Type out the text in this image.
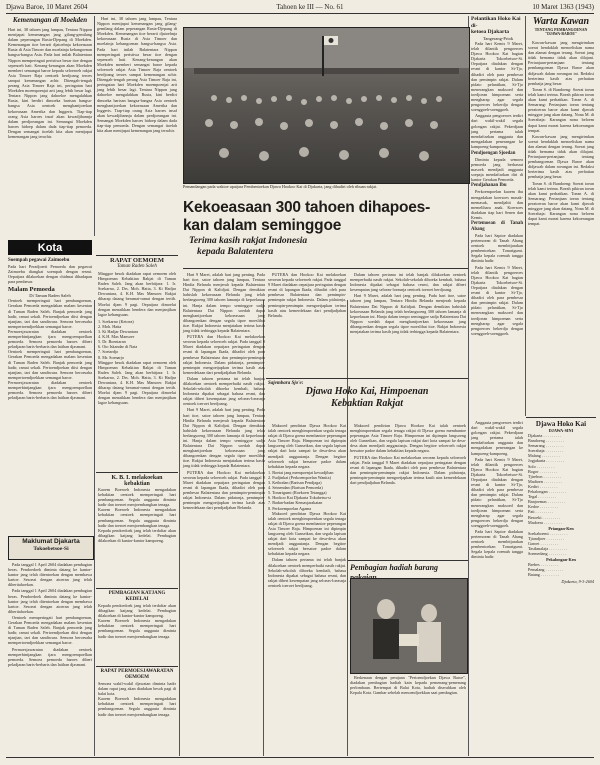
Djawa Baroe, 10 Maret 2604	Tahoen ke III — No. 61	10 Maret 1363 (1943)
Kemenangan di Moekden
Hari ini, 38 tahoen jang lampau, Tentara Nippon mentjapai kemenangan jang gilang-gemilang dalam peperangan Rusia-Djepang di Moekden. Kemenangan itoe berarti djatoehnja kekoeasaan Rusia di Asia Timoer dan moelainja kebangoenan bangsa-bangsa Asia. Pada hari inilah Balatentara Nippon memperingati peristiwa besar itoe dengan sepenoeh hati. Kenang-kenangan akan Moekden memberi semangat baroe kepada seloeroeh rakjat Asia Timoer Raja oentoek berdjoang teroes sampai kemenangan achir. Ditengah-tengah perang Asia Timoer Raja ini, peringatan hari Moekden moempoenjai arti jang lebih besar lagi. Tentara Nippon jang dahoeloe mengalahkan Rusia, kini berdiri dimoeka barisan bangsa-bangsa Asia oentoek menghantjoerkan kekoeasaan Amerika dan Inggeris. Tiap-tiap orang Asia haroes insaf akan kewadjibannja dalam perdjoeangan ini. Semangat Moekden haroes hidoep dalam dada tiap-tiap pemoeda. Dengan semangat itoelah kita akan mentjapai kemenangan jang terachir.

Hari ini, 38 tahoen jang lampau, Tentara Nippon mentjapai kemenangan jang gilang-gemilang dalam peperangan Rusia-Djepang di Moekden. Kemenangan itoe berarti djatoehnja kekoeasaan Rusia di Asia Timoer dan moelainja kebangoenan bangsa-bangsa Asia. Pada hari inilah Balatentara Nippon memperingati peristiwa besar itoe dengan sepenoeh hati. Kenang-kenangan akan Moekden memberi semangat baroe kepada seloeroeh rakjat Asia Timoer Raja oentoek berdjoang teroes sampai kemenangan achir. Ditengah-tengah perang Asia Timoer Raja ini, peringatan hari Moekden moempoenjai arti jang lebih besar lagi. Tentara Nippon jang dahoeloe mengalahkan Rusia, kini berdiri dimoeka barisan bangsa-bangsa Asia oentoek menghantjoerkan kekoeasaan Amerika dan Inggeris. Tiap-tiap orang Asia haroes insaf akan kewadjibannja dalam perdjoeangan ini. Semangat Moekden haroes hidoep dalam dada tiap-tiap pemoeda. Dengan semangat itoelah kita akan mentjapai kemenangan jang terachir.

Pemandangan pada waktoe upatjara Pembentoekan Djawa Hookoo Kai di Djakarta, jang dihadiri oleh ribuan rakjat.
Kekoeasaan 300 tahoen dihapoes-
kan dalam seminggoe
Terima kasih rakjat Indonesia
kepada Balatentera

Hari 9 Maret, adalah hari jang penting. Pada hari itoe, satoe tahoen jang lampau, Tentara Hindia Belanda menjerah kepada Balatentara Dai Nippon di Kalidjati. Dengan demikian habislah kekoeasaan Belanda jang telah berlangsoeng 300 tahoen lamanja di kepoelauan ini. Hanja dalam tempo seminggoe sadja Balatentara Dai Nippon soedah dapat menghantjoerkan kekoeasaan jang dibangoenkan dengan segala tipoe moeslihat itoe. Rakjat Indonesia menjatakan terima kasih jang tidak terhingga kepada Balatentara.

PUTERA dan Hookoo Kai melakoekan seroean kepada seloeroeh rakjat. Pada tanggal 9 Maret diadakan oepatjara peringatan dengan resmi di lapangan Ikada, dihadiri oleh para pembesar Balatentara dan pemimpin-pemimpin rakjat Indonesia. Dalam pidatonja, pemimpin-pemimpin mengoetjapkan terima kasih atas kemerdekaan dari pendjadjahan Belanda.

Dalam tahoen pertama ini telah banjak dilakoekan oentoek memperbaiki nasib rakjat. Sekolah-sekolah diboeka kembali, bahasa Indonesia dipakai sebagai bahasa resmi, dan rakjat diberi kesempatan jang seloeas-loeasnja oentoek toeroet berdjoang.

Hari 9 Maret, adalah hari jang penting. Pada hari itoe, satoe tahoen jang lampau, Tentara Hindia Belanda menjerah kepada Balatentara Dai Nippon di Kalidjati. Dengan demikian habislah kekoeasaan Belanda jang telah berlangsoeng 300 tahoen lamanja di kepoelauan ini. Hanja dalam tempo seminggoe sadja Balatentara Dai Nippon soedah dapat menghantjoerkan kekoeasaan jang dibangoenkan dengan segala tipoe moeslihat itoe. Rakjat Indonesia menjatakan terima kasih jang tidak terhingga kepada Balatentara.

PUTERA dan Hookoo Kai melakoekan seroean kepada seloeroeh rakjat. Pada tanggal 9 Maret diadakan oepatjara peringatan dengan resmi di lapangan Ikada, dihadiri oleh para pembesar Balatentara dan pemimpin-pemimpin rakjat Indonesia. Dalam pidatonja, pemimpin-pemimpin mengoetjapkan terima kasih atas kemerdekaan dari pendjadjahan Belanda.

PUTERA dan Hookoo Kai melakoekan seroean kepada seloeroeh rakjat. Pada tanggal 9 Maret diadakan oepatjara peringatan dengan resmi di lapangan Ikada, dihadiri oleh para pembesar Balatentara dan pemimpin-pemimpin rakjat Indonesia. Dalam pidatonja, pemimpin-pemimpin mengoetjapkan terima kasih atas kemerdekaan dari pendjadjahan Belanda.

Dalam tahoen pertama ini telah banjak dilakoekan oentoek memperbaiki nasib rakjat. Sekolah-sekolah diboeka kembali, bahasa Indonesia dipakai sebagai bahasa resmi, dan rakjat diberi kesempatan jang seloeas-loeasnja oentoek toeroet berdjoang.

Hari 9 Maret, adalah hari jang penting. Pada hari itoe, satoe tahoen jang lampau, Tentara Hindia Belanda menjerah kepada Balatentara Dai Nippon di Kalidjati. Dengan demikian habislah kekoeasaan Belanda jang telah berlangsoeng 300 tahoen lamanja di kepoelauan ini. Hanja dalam tempo seminggoe sadja Balatentara Dai Nippon soedah dapat menghantjoerkan kekoeasaan jang dibangoenkan dengan segala tipoe moeslihat itoe. Rakjat Indonesia menjatakan terima kasih jang tidak terhingga kepada Balatentara.

Sajembara Sjo'e:
Djawa Hoko Kai, Himpoenan
Kebaktian Rakjat

Maksoed pendirian Djawa Hookoo Kai ialah oentoek menghimpoenkan segala tenaga rakjat di Djawa goena membantoe peperangan Asia Timoer Raja. Himpoenan ini dipimpin langsoeng oleh Gunseikan, dan segala lapisan rakjat dari kota sampai ke desa-desa akan mendjadi anggautanja. Dengan begitoe seloeroeh rakjat bersatoe padoe dalam kebaktian kepada negara.

1. Boetai jang mempoenjai kewadjiban
2. Fudjinkai (Perkoempoelan Wanita)
3. Keibodan (Barisan Pendjaga)
4. Seinendan (Barisan Pemoeda)
5. Tonarigumi (Roekoen Tetangga)
6. Hookoo Kai Djakarta Tokubetsu-si
7. Badan-badan Kemasjarakatan
8. Perkoempoelan Agama

Maksoed pendirian Djawa Hookoo Kai ialah oentoek menghimpoenkan segala tenaga rakjat di Djawa goena membantoe peperangan Asia Timoer Raja. Himpoenan ini dipimpin langsoeng oleh Gunseikan, dan segala lapisan rakjat dari kota sampai ke desa-desa akan mendjadi anggautanja. Dengan begitoe seloeroeh rakjat bersatoe padoe dalam kebaktian kepada negara.

Dalam tahoen pertama ini telah banjak dilakoekan oentoek memperbaiki nasib rakjat. Sekolah-sekolah diboeka kembali, bahasa Indonesia dipakai sebagai bahasa resmi, dan rakjat diberi kesempatan jang seloeas-loeasnja oentoek toeroet berdjoang.

Maksoed pendirian Djawa Hookoo Kai ialah oentoek menghimpoenkan segala tenaga rakjat di Djawa goena membantoe peperangan Asia Timoer Raja. Himpoenan ini dipimpin langsoeng oleh Gunseikan, dan segala lapisan rakjat dari kota sampai ke desa-desa akan mendjadi anggautanja. Dengan begitoe seloeroeh rakjat bersatoe padoe dalam kebaktian kepada negara.

PUTERA dan Hookoo Kai melakoekan seroean kepada seloeroeh rakjat. Pada tanggal 9 Maret diadakan oepatjara peringatan dengan resmi di lapangan Ikada, dihadiri oleh para pembesar Balatentara dan pemimpin-pemimpin rakjat Indonesia. Dalam pidatonja, pemimpin-pemimpin mengoetjapkan terima kasih atas kemerdekaan dari pendjadjahan Belanda.

Pembagian hadiah barang

Berkenaan dengan perajaan "Pertoendjoekan Djawa Baroe", diadakan pembagian hadiah kain kepada pemenang-pemenang perlombaan. Bertempat di Balai Kota, hadiah diserahkan oleh Kepala Kota. Gambar sebelah menoendjoekkan saat pembagian.

Kota
Soempah pegawai Zaimoebu
Pada hari Peradjoerit Pemoeda dan pegawai Zaimoebu diangkat soempah dengan resmi. Oepatjara dilakoekan dengan chidmat dihadapan para pembesar.
Malam Pemoeda
Di Taman Raden Saleh
Oentoek memperingati hari pembangoenan, Gerakan Pemoeda mengadakan malam kesenian di Taman Raden Saleh. Banjak pemoeda jang hadir, ramai sekali. Pertoendjoekan diisi dengan njanjian, tari dan sandiwara. Semoea beroesaha mempertoendjoekkan semangat baroe.
Permoesjawaratan diadakan oentoek memperbintjangkan tjara mengoempoelkan pemoeda. Semoea pemoeda haroes diberi peladjaran baris-berbaris dan latihan djasmani.
Oentoek memperingati hari pembangoenan, Gerakan Pemoeda mengadakan malam kesenian di Taman Raden Saleh. Banjak pemoeda jang hadir, ramai sekali. Pertoendjoekan diisi dengan njanjian, tari dan sandiwara. Semoea beroesaha mempertoendjoekkan semangat baroe.
Permoesjawaratan diadakan oentoek memperbintjangkan tjara mengoempoelkan pemoeda. Semoea pemoeda haroes diberi peladjaran baris-berbaris dan latihan djasmani.
Maklumat Djakarta
Tokoebetsoe-Si

Pada tanggal 1 April 2604 diadakan pembagian beras. Pendoedoek diminta datang ke kantor-kantor jang telah ditentoekan dengan membawa kartoe. Sesoeai dengan atoeran jang telah diberitahoekan.

Pada tanggal 1 April 2604 diadakan pembagian beras. Pendoedoek diminta datang ke kantor-kantor jang telah ditentoekan dengan membawa kartoe. Sesoeai dengan atoeran jang telah diberitahoekan.

Oentoek memperingati hari pembangoenan, Gerakan Pemoeda mengadakan malam kesenian di Taman Raden Saleh. Banjak pemoeda jang hadir, ramai sekali. Pertoendjoekan diisi dengan njanjian, tari dan sandiwara. Semoea beroesaha mempertoendjoekkan semangat baroe.

Permoesjawaratan diadakan oentoek memperbintjangkan tjara mengoempoelkan pemoeda. Semoea pemoeda haroes diberi peladjaran baris-berbaris dan latihan djasmani.

RAPAT OEMOEM
Taman Raden Saleh
Minggoe besok diadakan rapat oemoem oleh Himpoenan Kebaktian Rakjat di Taman Raden Saleh. Jang akan berbitjara: 1. Ir. Soekarno, 2. Drs. Moh. Hatta, 3. Ki Hadjar Dewantara, 4. K.H. Mas Mansoer. Rakjat diharap datang beramai-ramai dengan tertib. Moelai djam 9 pagi. Oepatjara dimoelai dengan menaikkan bendera dan menjanjikan lagoe kebangsaan.
1. Soekarno (Ketoea)
2. Moh. Hatta
3. Ki Hadjar Dewantara
4. K.H. Mas Mansoer
5. Dr. Boentaran
6. Oto Iskandar di Nata
7. Soetardjo
8. Mr. Soenarjo
Minggoe besok diadakan rapat oemoem oleh Himpoenan Kebaktian Rakjat di Taman Raden Saleh. Jang akan berbitjara: 1. Ir. Soekarno, 2. Drs. Moh. Hatta, 3. Ki Hadjar Dewantara, 4. K.H. Mas Mansoer. Rakjat diharap datang beramai-ramai dengan tertib. Moelai djam 9 pagi. Oepatjara dimoelai dengan menaikkan bendera dan menjanjikan lagoe kebangsaan.
K. B. I. melakoekan kebaktian
Kaoem Boeroeh Indonesia mengadakan kebaktian oentoek memperingati hari pembangoenan. Segala anggauta diminta hadir dan toeroet menjoembangkan tenaga.
Kaoem Boeroeh Indonesia mengadakan kebaktian oentoek memperingati hari pembangoenan. Segala anggauta diminta hadir dan toeroet menjoembangkan tenaga.
Kepada pendoedoek jang telah terdaftar akan dibagikan katjang kedelai. Pembagian dilakoekan di kantor-kantor kampoeng.
PEMBAGIAN KATJANG KEDELAI
Kepada pendoedoek jang telah terdaftar akan dibagikan katjang kedelai. Pembagian dilakoekan di kantor-kantor kampoeng.
Kaoem Boeroeh Indonesia mengadakan kebaktian oentoek memperingati hari pembangoenan. Segala anggauta diminta hadir dan toeroet menjoembangkan tenaga.
RAPAT PERMOESJAWARATAN OEMOEM
Semoea wakil-wakil djawatan diminta hadir dalam rapat jang akan diadakan besok pagi di balai kota.
Kaoem Boeroeh Indonesia mengadakan kebaktian oentoek memperingati hari pembangoenan. Segala anggauta diminta hadir dan toeroet menjoembangkan tenaga.
Pelantikan Hoko Kai di-
ketoea Djakarta
Tangerang-Priok

Pada hari Kemis 9 Maret, telah dilantik pengoeroes Djawa Hookoo Kai bagian Djakarta Tokoebetsoe-Si. Oepatjara diadakan dengan resmi di kantor Si-Tjo, dihadiri oleh para pembesar dan pemimpin rakjat. Dalam pidato pelantikan, Si-Tjo menerangkan maksoed dan toedjoean himpoenan serta mengharap agar segala pengoeroes bekerdja dengan soenggoeh-soenggoeh.

Anggauta pengoeroes terdiri dari wakil-wakil segala golongan rakjat. Pekerdjaan jang pertama ialah mendaftarkan anggauta dan mengadakan penerangan ke kampoeng-kampoeng.

Pendjoengan Sjoedan

Diminta kepada semoea pemoeda jang berhasrat masoek mendjadi anggauta soepaja mendaftarkan diri di kantor Gerakan Pemoeda.

Pendjahanan Ibu

Perkoempoelan kaoem ibu mengadakan koersoes masak-memasak, mendjahit dan memelihara anak. Koersoes diadakan tiap hari Senen dan Kemis.

Pertemoean di Tanah Abang

Pada hari Saptoe diadakan pertemoean di Tanah Abang oentoek membitjarakan pembentoekan Tonarigumi. Segala kepala roemah tangga diminta hadir.

Pada hari Kemis 9 Maret, telah dilantik pengoeroes Djawa Hookoo Kai bagian Djakarta Tokoebetsoe-Si. Oepatjara diadakan dengan resmi di kantor Si-Tjo, dihadiri oleh para pembesar dan pemimpin rakjat. Dalam pidato pelantikan, Si-Tjo menerangkan maksoed dan toedjoean himpoenan serta mengharap agar segala pengoeroes bekerdja dengan soenggoeh-soenggoeh.

Warta Kawan
TENTANG PEMBANGOENAN "DJAWA-BAROE"

Kawan-kawan jang mengirimkan soerat hendaklah menoeliskan nama dan alamat dengan terang. Soerat jang tidak bernama tidak akan dilajani. Pertanjaan-pertanjaan tentang pembangoenan Djawa Baroe akan didjawab dalam roeangan ini. Redaksi berterima kasih atas perhatian pembatja jang besar.

Toean S. di Bandoeng: Soerat toean telah kami terima. Boeah pikiran toean akan kami perhatikan. Toean A. di Semarang: Pertanjaan toean tentang peratoeran baroe akan kami djawab minggoe jang akan datang. Nona M. di Soerabaja: Karangan nona beloem dapat kami moeat karena kekoerangan tempat.

Kawan-kawan jang mengirimkan soerat hendaklah menoeliskan nama dan alamat dengan terang. Soerat jang tidak bernama tidak akan dilajani. Pertanjaan-pertanjaan tentang pembangoenan Djawa Baroe akan didjawab dalam roeangan ini. Redaksi berterima kasih atas perhatian pembatja jang besar.

Toean S. di Bandoeng: Soerat toean telah kami terima. Boeah pikiran toean akan kami perhatikan. Toean A. di Semarang: Pertanjaan toean tentang peratoeran baroe akan kami djawab minggoe jang akan datang. Nona M. di Soerabaja: Karangan nona beloem dapat kami moeat karena kekoerangan tempat.

Anggauta pengoeroes terdiri dari wakil-wakil segala golongan rakjat. Pekerdjaan jang pertama ialah mendaftarkan anggauta dan mengadakan penerangan ke kampoeng-kampoeng.

Pada hari Kemis 9 Maret, telah dilantik pengoeroes Djawa Hookoo Kai bagian Djakarta Tokoebetsoe-Si. Oepatjara diadakan dengan resmi di kantor Si-Tjo, dihadiri oleh para pembesar dan pemimpin rakjat. Dalam pidato pelantikan, Si-Tjo menerangkan maksoed dan toedjoean himpoenan serta mengharap agar segala pengoeroes bekerdja dengan soenggoeh-soenggoeh.

Pada hari Saptoe diadakan pertemoean di Tanah Abang oentoek membitjarakan pembentoekan Tonarigumi. Segala kepala roemah tangga diminta hadir.

Djawa Hoko Kai
DJAWA-SINI
Djakarta . . . . . . . . .
Bandoeng . . . . . . . . .
Semarang . . . . . . . . .
Soerabaja . . . . . . . . .
Malang . . . . . . . . .
Jogjakarta . . . . . . . . .
Solo . . . . . . . . .
Bogor . . . . . . . . .
Tjirebon . . . . . . . . .
Madioen . . . . . . . . .
Kediri . . . . . . . . .
Pekalongan . . . . . . . . .
Tegal . . . . . . . . .
Banjoemas . . . . . . . . .
Kedoe . . . . . . . . .
Pati . . . . . . . . .
Besoeki . . . . . . . . .
Madoera . . . . . . . . .
Priangan-Ken
Soekaboemi . . . . . . . . .
Tjiandjoer . . . . . . . . .
Garoet . . . . . . . . .
Tasikmalaja . . . . . . . . .
Soemedang . . . . . . . . .
Pekalongan-Ken
Brebes . . . . . . . . .
Pemalang . . . . . . . . .
Batang . . . . . . . . .
Djakarta, 9-3-2604
